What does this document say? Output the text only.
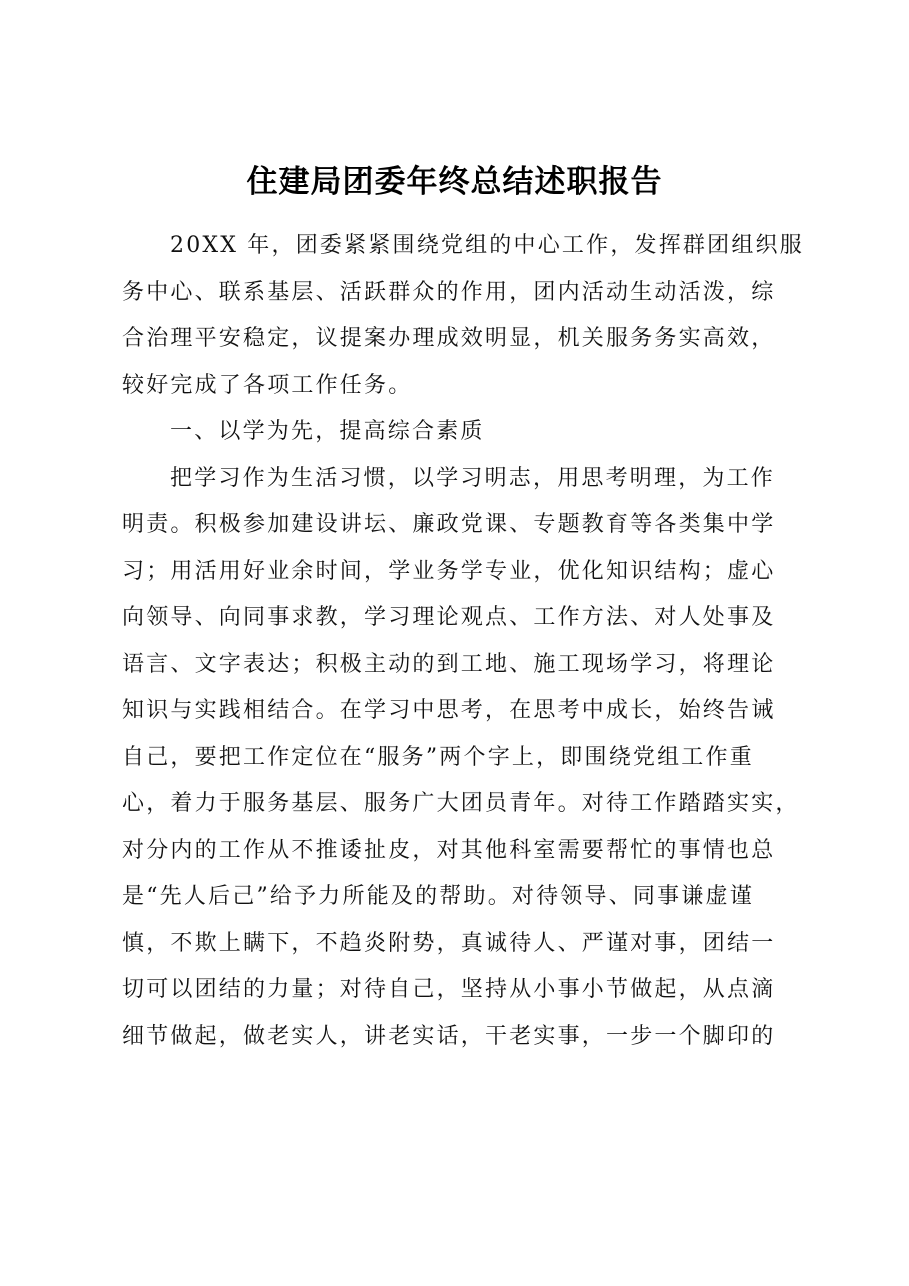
住建局团委年终总结述职报告
20XX 年，团委紧紧围绕党组的中心工作，发挥群团组织服
务中心、联系基层、活跃群众的作用，团内活动生动活泼，综
合治理平安稳定，议提案办理成效明显，机关服务务实高效，
较好完成了各项工作任务。
一、以学为先，提高综合素质
把学习作为生活习惯，以学习明志，用思考明理，为工作
明责。积极参加建设讲坛、廉政党课、专题教育等各类集中学
习；用活用好业余时间，学业务学专业，优化知识结构；虚心
向领导、向同事求教，学习理论观点、工作方法、对人处事及
语言、文字表达；积极主动的到工地、施工现场学习，将理论
知识与实践相结合。在学习中思考，在思考中成长，始终告诫
自己，要把工作定位在“服务”两个字上，即围绕党组工作重
心，着力于服务基层、服务广大团员青年。对待工作踏踏实实，
对分内的工作从不推诿扯皮，对其他科室需要帮忙的事情也总
是“先人后己”给予力所能及的帮助。对待领导、同事谦虚谨
慎，不欺上瞒下，不趋炎附势，真诚待人、严谨对事，团结一
切可以团结的力量；对待自己，坚持从小事小节做起，从点滴
细节做起，做老实人，讲老实话，干老实事，一步一个脚印的
